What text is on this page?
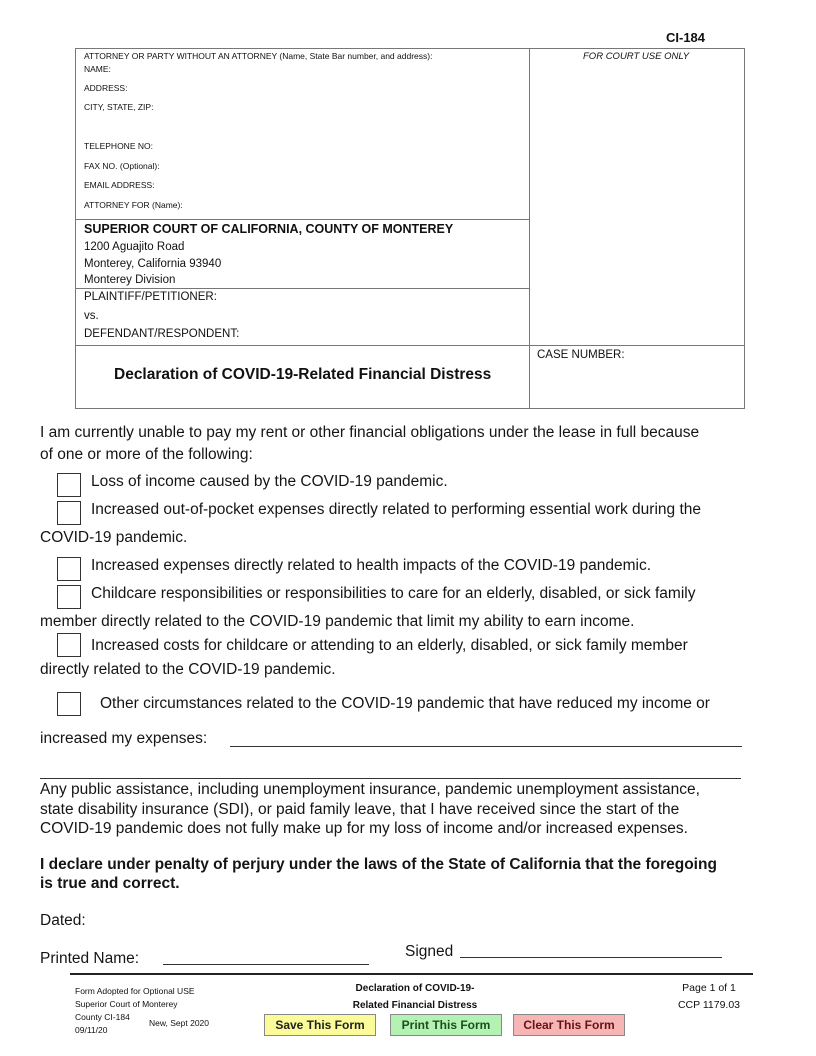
CI-184
ATTORNEY OR PARTY WITHOUT AN ATTORNEY (Name, State Bar number, and address):
NAME:
ADDRESS:
CITY, STATE, ZIP:
TELEPHONE NO:
FAX NO. (Optional):
EMAIL ADDRESS:
ATTORNEY FOR (Name):
FOR COURT USE ONLY
SUPERIOR COURT OF CALIFORNIA, COUNTY OF MONTEREY
1200 Aguajito Road
Monterey, California 93940
Monterey Division
PLAINTIFF/PETITIONER:
vs.
DEFENDANT/RESPONDENT:
Declaration of COVID-19-Related Financial Distress
CASE NUMBER:
I am currently unable to pay my rent or other financial obligations under the lease in full because
of one or more of the following:
Loss of income caused by the COVID-19 pandemic.
Increased out-of-pocket expenses directly related to performing essential work during the
COVID-19 pandemic.
Increased expenses directly related to health impacts of the COVID-19 pandemic.
Childcare responsibilities or responsibilities to care for an elderly, disabled, or sick family
member directly related to the COVID-19 pandemic that limit my ability to earn income.
Increased costs for childcare or attending to an elderly, disabled, or sick family member
directly related to the COVID-19 pandemic.
Other circumstances related to the COVID-19 pandemic that have reduced my income or
increased my expenses:
Any public assistance, including unemployment insurance, pandemic unemployment assistance,
state disability insurance (SDI), or paid family leave, that I have received since the start of the
COVID-19 pandemic does not fully make up for my loss of income and/or increased expenses.
I declare under penalty of perjury under the laws of the State of California that the foregoing
is true and correct.
Dated:
Printed Name:	Signed
Form Adopted for Optional USE
Superior Court of Monterey
County CI-184
09/11/20
New, Sept 2020
Declaration of COVID-19-
Related Financial Distress
Page 1 of 1
CCP 1179.03
Save This Form	Print This Form	Clear This Form
